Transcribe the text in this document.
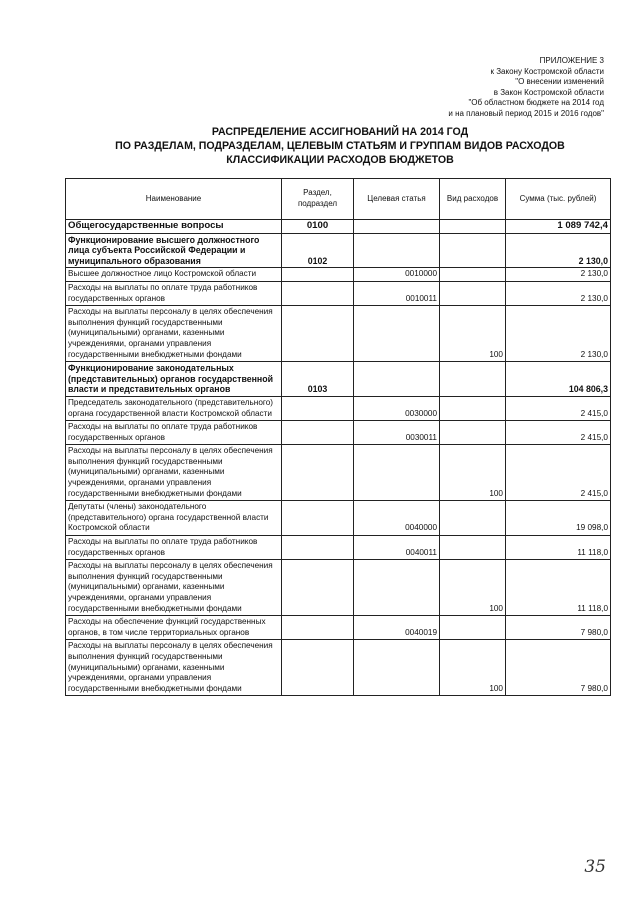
ПРИЛОЖЕНИЕ 3
к Закону Костромской области
"О внесении изменений
в Закон Костромской области
"Об областном бюджете на 2014 год
и на плановый период 2015 и 2016 годов"
РАСПРЕДЕЛЕНИЕ АССИГНОВАНИЙ НА 2014 ГОД
ПО РАЗДЕЛАМ, ПОДРАЗДЕЛАМ, ЦЕЛЕВЫМ СТАТЬЯМ И ГРУППАМ ВИДОВ РАСХОДОВ
КЛАССИФИКАЦИИ РАСХОДОВ БЮДЖЕТОВ
Наименование	Раздел, подраздел	Целевая статья	Вид расходов	Сумма (тыс. рублей)
Общегосударственные вопросы	0100			1 089 742,4
Функционирование высшего должностного лица субъекта Российской Федерации и муниципального образования	0102			2 130,0
Высшее должностное лицо Костромской области		0010000		2 130,0
Расходы на выплаты по оплате труда работников государственных органов		0010011		2 130,0
Расходы на выплаты персоналу в целях обеспечения выполнения функций государственными (муниципальными) органами, казенными учреждениями, органами управления государственными внебюджетными фондами			100	2 130,0
Функционирование законодательных (представительных) органов государственной власти и представительных органов	0103			104 806,3
Председатель законодательного (представительного) органа государственной власти Костромской области		0030000		2 415,0
Расходы на выплаты по оплате труда работников государственных органов		0030011		2 415,0
Расходы на выплаты персоналу в целях обеспечения выполнения функций государственными (муниципальными) органами, казенными учреждениями, органами управления государственными внебюджетными фондами			100	2 415,0
Депутаты (члены) законодательного (представительного) органа государственной власти Костромской области		0040000		19 098,0
Расходы на выплаты по оплате труда работников государственных органов		0040011		11 118,0
Расходы на выплаты персоналу в целях обеспечения выполнения функций государственными (муниципальными) органами, казенными учреждениями, органами управления государственными внебюджетными фондами			100	11 118,0
Расходы на обеспечение функций государственных органов, в том числе территориальных органов		0040019		7 980,0
Расходы на выплаты персоналу в целях обеспечения выполнения функций государственными (муниципальными) органами, казенными учреждениями, органами управления государственными внебюджетными фондами			100	7 980,0
35
